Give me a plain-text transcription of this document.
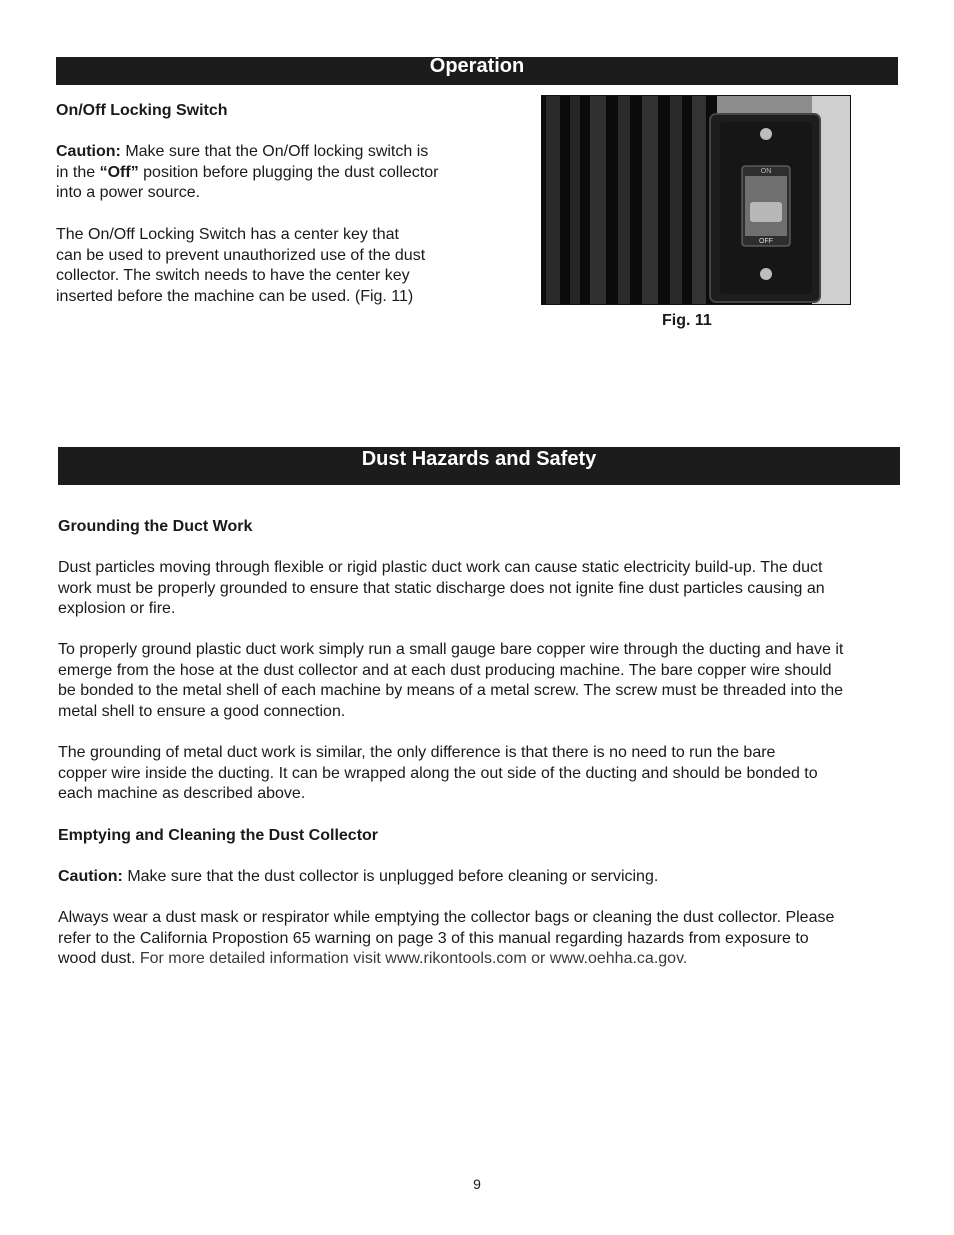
Operation
On/Off Locking Switch
Caution: Make sure that the On/Off locking switch is
in the “Off” position before plugging the dust collector
into a power source.
The On/Off Locking Switch has a center key that
can be used to prevent unauthorized use of the dust
collector. The switch needs to have the center key
inserted before the machine can be used. (Fig. 11)
ON
OFF
Fig. 11
Dust Hazards and Safety
Grounding the Duct Work
Dust particles moving through flexible or rigid plastic duct work can cause static electricity build-up. The duct
work must be properly grounded to ensure that static discharge does not ignite fine dust particles causing an
explosion or fire.
To properly ground plastic duct work simply run a small gauge bare copper wire through the ducting and have it
emerge from the hose at the dust collector and at each dust producing machine. The bare copper wire should
be bonded to the metal shell of each machine by means of a metal screw. The screw must be threaded into the
metal shell to ensure a good connection.
The grounding of metal duct work is similar, the only difference is that there is no need to run the bare
copper wire inside the ducting. It can be wrapped along the out side of the ducting and should be bonded to
each machine as described above.
Emptying and Cleaning the Dust Collector
Caution: Make sure that the dust collector is unplugged before cleaning or servicing.
Always wear a dust mask or respirator while emptying the collector bags or cleaning the dust collector. Please
refer to the California Propostion 65 warning on page 3 of this manual regarding hazards from exposure to
wood dust. For more detailed information visit www.rikontools.com or www.oehha.ca.gov.
9
